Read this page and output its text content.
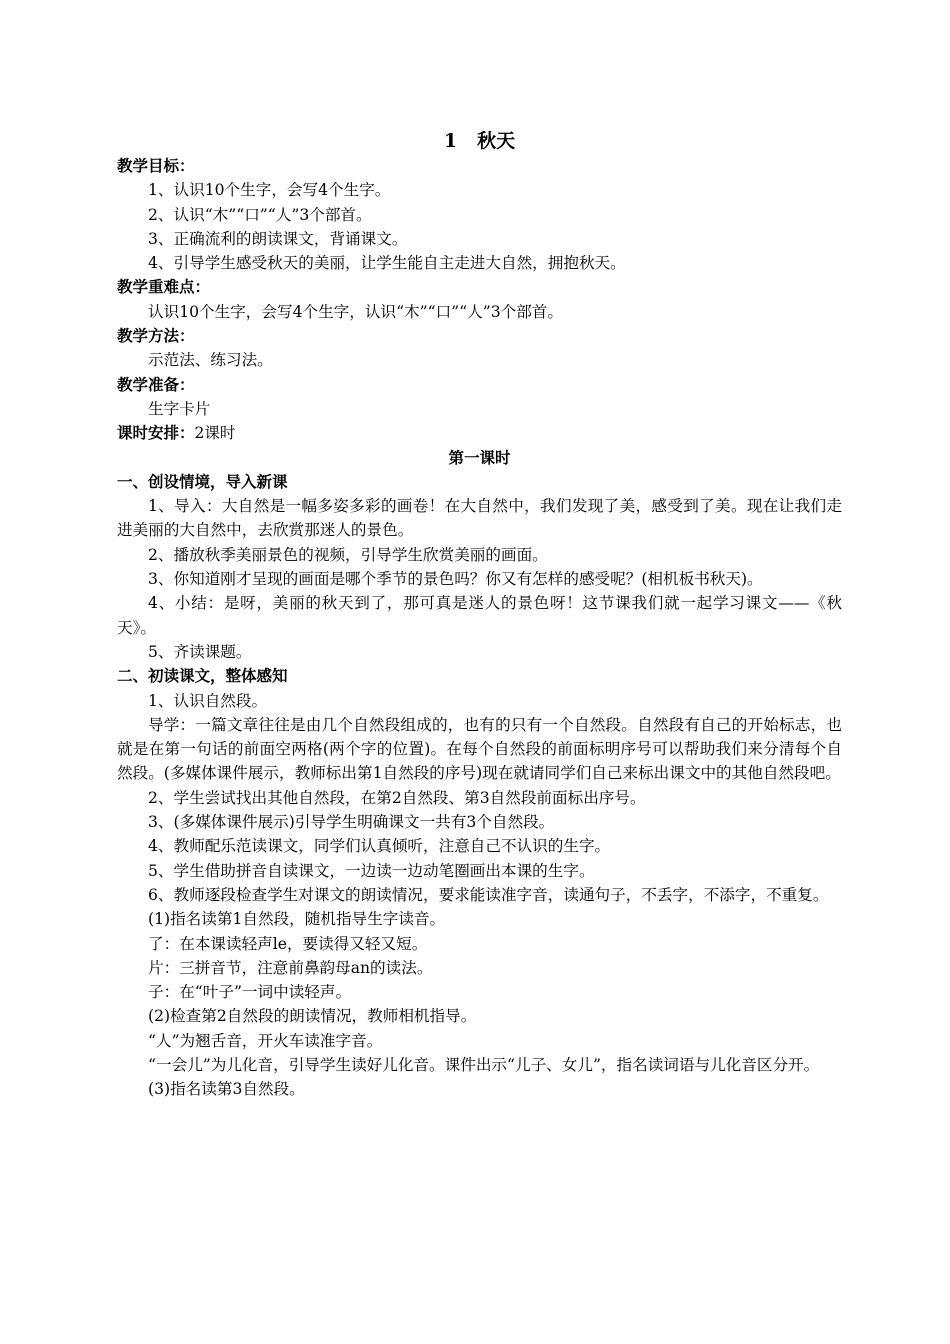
1 秋天
教学目标：
1、认识10个生字，会写4个生字。
2、认识“木”“口”“人”3个部首。
3、正确流利的朗读课文，背诵课文。
4、引导学生感受秋天的美丽，让学生能自主走进大自然，拥抱秋天。
教学重难点：
认识10个生字，会写4个生字，认识“木”“口”“人”3个部首。
教学方法：
示范法、练习法。
教学准备：
生字卡片
课时安排：2课时
第一课时
一、创设情境，导入新课
1、导入：大自然是一幅多姿多彩的画卷！在大自然中，我们发现了美，感受到了美。现在让我们走进美丽的大自然中，去欣赏那迷人的景色。
2、播放秋季美丽景色的视频，引导学生欣赏美丽的画面。
3、你知道刚才呈现的画面是哪个季节的景色吗？你又有怎样的感受呢？(相机板书秋天)。
4、小结：是呀，美丽的秋天到了，那可真是迷人的景色呀！这节课我们就一起学习课文——《秋天》。
5、齐读课题。
二、初读课文，整体感知
1、认识自然段。
导学：一篇文章往往是由几个自然段组成的，也有的只有一个自然段。自然段有自己的开始标志，也就是在第一句话的前面空两格(两个字的位置)。在每个自然段的前面标明序号可以帮助我们来分清每个自然段。(多媒体课件展示，教师标出第1自然段的序号)现在就请同学们自己来标出课文中的其他自然段吧。
2、学生尝试找出其他自然段，在第2自然段、第3自然段前面标出序号。
3、(多媒体课件展示)引导学生明确课文一共有3个自然段。
4、教师配乐范读课文，同学们认真倾听，注意自己不认识的生字。
5、学生借助拼音自读课文，一边读一边动笔圈画出本课的生字。
6、教师逐段检查学生对课文的朗读情况，要求能读准字音，读通句子，不丢字，不添字，不重复。
(1)指名读第1自然段，随机指导生字读音。
了：在本课读轻声le，要读得又轻又短。
片：三拼音节，注意前鼻韵母an的读法。
子：在“叶子”一词中读轻声。
(2)检查第2自然段的朗读情况，教师相机指导。
“人”为翘舌音，开火车读准字音。
“一会儿”为儿化音，引导学生读好儿化音。课件出示“儿子、女儿”，指名读词语与儿化音区分开。
(3)指名读第3自然段。
